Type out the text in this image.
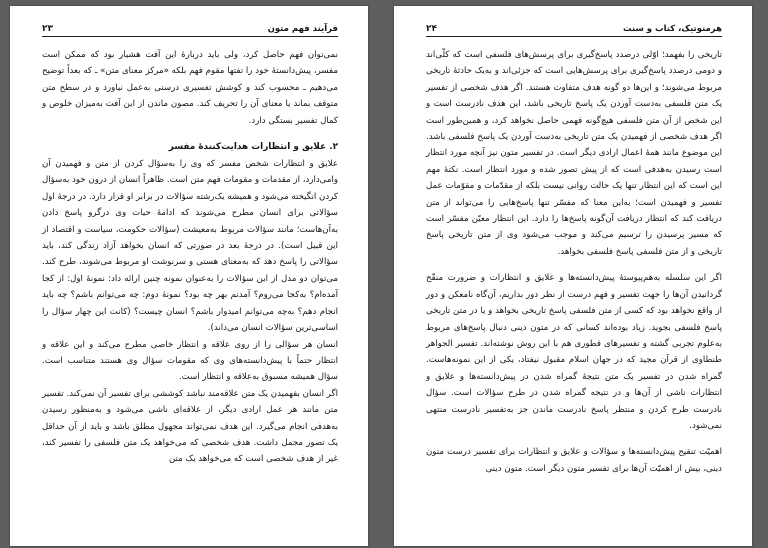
فرآیند فهم متون
۲۳

نمی‌توان فهم حاصل کرد، ولی باید دربارهٔ این آفت هشیار بود که ممکن است مفسر، پیش‌دانستهٔ خود را تفتها مقوم فهم بلکه «مرکز معنای متن» ـ که بعداً توضیح می‌دهیم ـ محسوب کند و کوشش تفسیری درستی به‌عمل نیاورد و در سطح متن متوقف بماند یا معنای آن را تحریف کند. مصون ماندن از این آفت به‌میزان خلوص و کمال تفسیر بستگی دارد.

۲. علایق و انتظارات هدایت‌کنندهٔ مفسر

علایق و انتظارات شخص مفسر که وی را به‌سؤال کردن از متن و فهمیدن آن وامی‌دارد، از مقدمات و مقومات فهم متن است. ظاهراً انسان از درون خود به‌سؤال کردن انگیخته می‌شود و همیشه یک‌رشته سؤالات در برابر او قرار دارد. در درجهٔ اول سؤالاتی برای انسان مطرح می‌شوند که ادامهٔ حیات وی درگرو پاسخ دادن به‌آن‌هاست؛ مانند سؤالات مربوط به‌معیشت (سؤالات حکومت، سیاست و اقتصاد از این قبیل است). در درجهٔ بعد در صورتی که انسان بخواهد آزاد زندگی کند، باید سؤالاتی را پاسخ دهد که به‌معنای هستی و سرنوشت او مربوط می‌شوند، طرح کند. می‌توان دو مدل از این سؤالات را به‌عنوان نمونه چنین ارائه داد: نمونهٔ اول: از کجا آمده‌ام؟ به‌کجا می‌روم؟ آمدنم بهر چه بود؟ نمونهٔ دوم: چه می‌توانم باشم؟ چه باید انجام دهم؟ به‌چه می‌توانم امیدوار باشم؟ انسان چیست؟ (کانت این چهار سؤال را اساسی‌ترین سؤالات انسان می‌داند).

انسان هر سؤالی را از روی علاقه و انتظار خاصی مطرح می‌کند و این علاقه و انتظار حتماً با پیش‌دانسته‌های وی که مقومات سؤال وی هستند متناسب است. سؤال همیشه مسبوق به‌علاقه و انتظار است.

اگر انسان بفهمیدن یک متن علاقه‌مند نباشد کوششی برای تفسیر آن نمی‌کند. تفسیر متن مانند هر عمل ارادی دیگر، از علاقه‌ای ناشی می‌شود و به‌منظور رسیدن به‌هدفی انجام می‌گیرد. این هدف نمی‌تواند مجهول مطلق باشد و باید از آن حداقل یک تصور مجمل داشت. هدف شخصی که می‌خواهد یک متن فلسفی را تفسیر کند، غیر از هدف شخصی است که می‌خواهد یک متن

هرمنوتیک، کتاب و سنت
۲۴

تاریخی را بفهمد؛ اوّلی درصدد پاسخ‌گیری برای پرسش‌های فلسفی است که کلّی‌اند و دومی درصدد پاسخ‌گیری برای پرسش‌هایی است که جزئی‌اند و به‌یک حادثهٔ تاریخی مربوط می‌شوند؛ و این‌ها دو گونه هدف متفاوت هستند. اگر هدف شخصی از تفسیر یک متن فلسفی به‌دست آوردن یک پاسخ تاریخی باشد، این هدف نادرست است و این شخص از آن متن فلسفی هیچ‌گونه فهمی حاصل نخواهد کرد، و همین‌طور است اگر هدف شخصی از فهمیدن یک متن تاریخی به‌دست آوردن یک پاسخ فلسفی باشد. این موضوع مانند همهٔ اعمال ارادی دیگر است. در تفسیر متون نیز آنچه مورد انتظار است رسیدن به‌هدفی است که از پیش تصور شده و مورد انتظار است. نکتهٔ مهم این است که این انتظار تنها یک حالت روانی نیست بلکه از مقدّمات و مقوّمات عمل تفسیر و فهمیدن است؛ به‌این معنا که مفسّر تنها پاسخ‌هایی را می‌تواند از متن دریافت کند که انتظار دریافت آن‌گونه پاسخ‌ها را دارد. این انتظار معیّن مفسّر است که مسیر پرسیدن را ترسیم می‌کند و موجب می‌شود وی از متن تاریخی پاسخ تاریخی و از متن فلسفی پاسخ فلسفی بخواهد.

اگر این سلسله به‌هم‌پیوستهٔ پیش‌دانسته‌ها و علایق و انتظارات و ضرورت منقّح گردانیدن آن‌ها را جهت تفسیر و فهم درست از نظر دور بداریم، آن‌گاه نامعکن و دور از واقع نخواهد بود که کسی از متن فلسفی پاسخ تاریخی بخواهد و یا در متن تاریخی پاسخ فلسفی بجوید. زیاد بوده‌اند کسانی که در متون دینی دنبال پاسخ‌های مربوط به‌علوم تجربی گشته و تفسیرهای قطوری هم با این روش نوشته‌اند. تفسیر الجواهر طنطاوی از قرآن مجید که در جهان اسلام مقبول نیفتاد، یکی از این نمونه‌هاست. گمراه شدن در تفسیر یک متن نتیجهٔ گمراه شدن در پیش‌دانسته‌ها و علایق و انتظارات ناشی از آن‌ها و در نتیجه گمراه شدن در طرح سؤالات است. سؤال نادرست طرح کردن و منتظر پاسخ نادرست ماندن جز به‌تفسیر نادرست منتهی نمی‌شود.

اهمیّت تنقیح پیش‌دانسته‌ها و سؤالات و علایق و انتظارات برای تفسیر درست متون دینی، بیش از اهمیّت آن‌ها برای تفسیر متون دیگر است. متون دینی
